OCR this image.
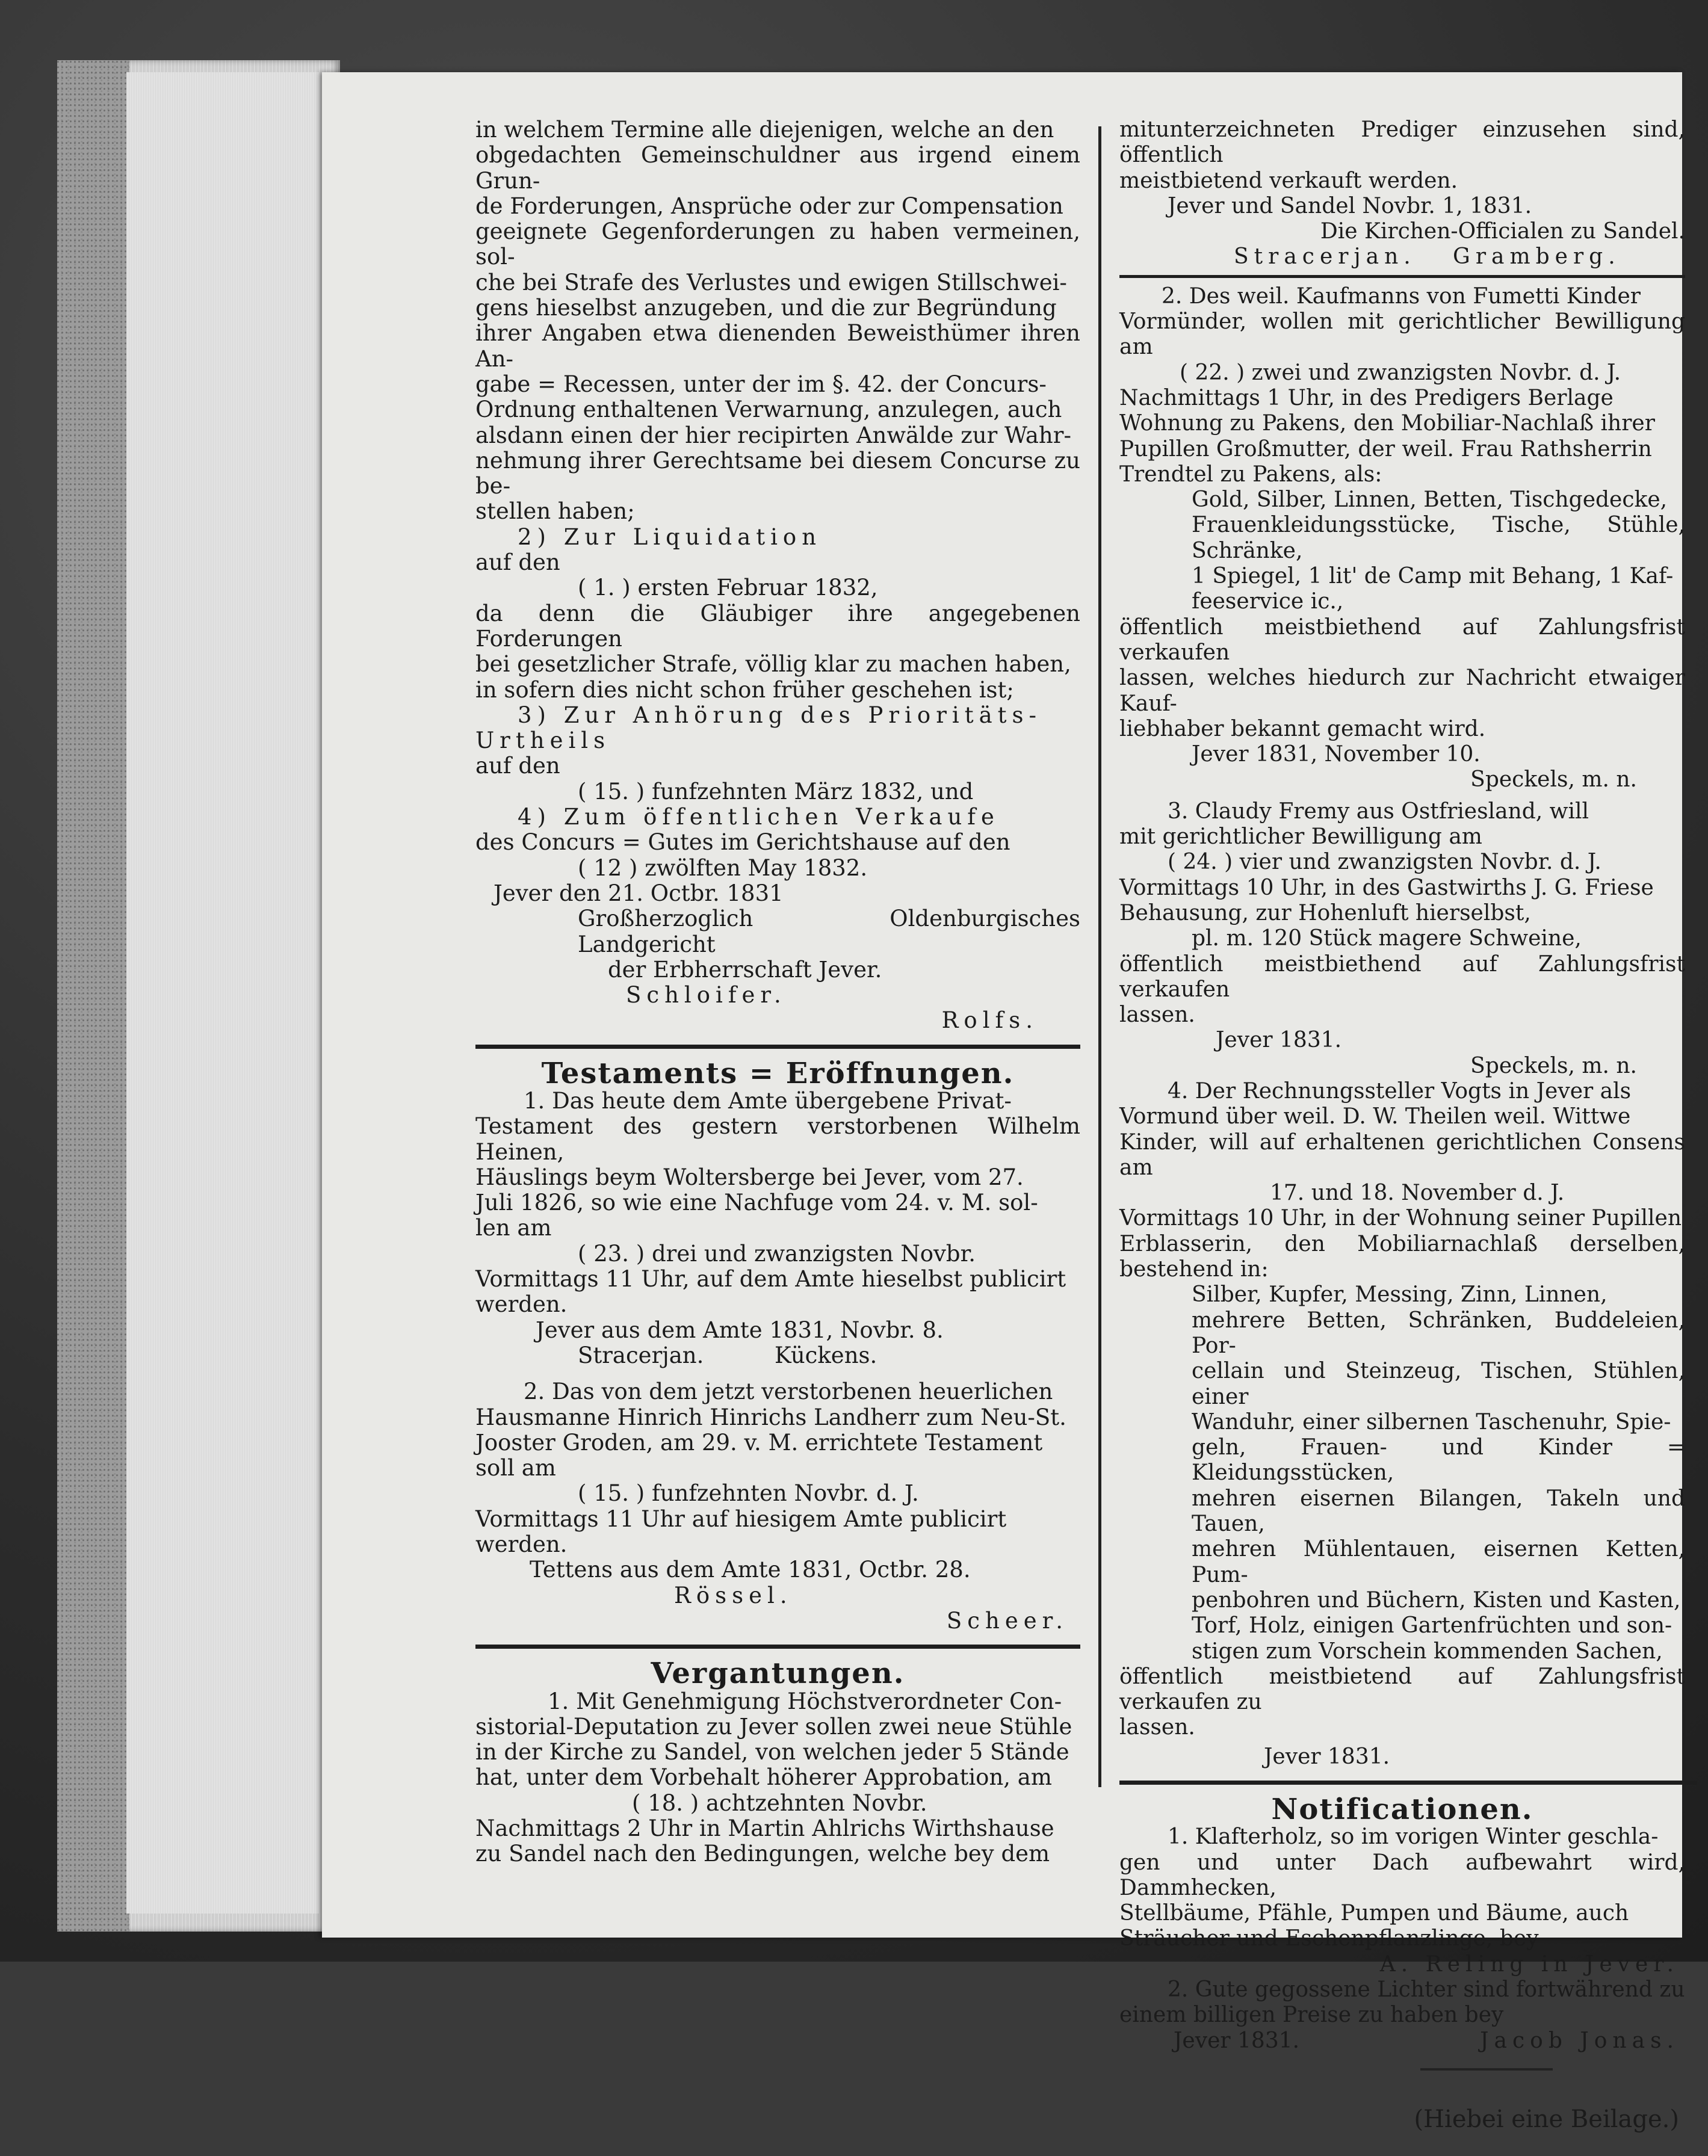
in welchem Termine alle diejenigen, welche an den

obgedachten Gemeinschuldner aus irgend einem Grun-

de Forderungen, Ansprüche oder zur Compensation

geeignete Gegenforderungen zu haben vermeinen, sol-

che bei Strafe des Verlustes und ewigen Stillschwei-

gens hieselbst anzugeben, und die zur Begründung

ihrer Angaben etwa dienenden Beweisthümer ihren An-

gabe = Recessen, unter der im §. 42. der Concurs-

Ordnung enthaltenen Verwarnung, anzulegen, auch

alsdann einen der hier recipirten Anwälde zur Wahr-

nehmung ihrer Gerechtsame bei diesem Concurse zu be-

stellen haben;

2) Zur Liquidation

auf den

( 1. ) ersten Februar 1832,

da denn die Gläubiger ihre angegebenen Forderungen

bei gesetzlicher Strafe, völlig klar zu machen haben,

in sofern dies nicht schon früher geschehen ist;

3) Zur Anhörung des Prioritäts-

Urtheils

auf den

( 15. ) funfzehnten März 1832, und

4) Zum öffentlichen Verkaufe

des Concurs = Gutes im Gerichtshause auf den

( 12 ) zwölften May 1832.

Jever den 21. Octbr. 1831

Großherzoglich Oldenburgisches Landgericht

der Erbherrschaft Jever.

Schloifer.

Rolfs.

Testaments = Eröffnungen.

1. Das heute dem Amte übergebene Privat-

Testament des gestern verstorbenen Wilhelm Heinen,

Häuslings beym Woltersberge bei Jever, vom 27.

Juli 1826, so wie eine Nachfuge vom 24. v. M. sol-

len am

( 23. ) drei und zwanzigsten Novbr.

Vormittags 11 Uhr, auf dem Amte hieselbst publicirt

werden.

Jever aus dem Amte 1831, Novbr. 8.

Stracerjan.          Kückens.

2. Das von dem jetzt verstorbenen heuerlichen

Hausmanne Hinrich Hinrichs Landherr zum Neu-St.

Jooster Groden, am 29. v. M. errichtete Testament

soll am

( 15. ) funfzehnten Novbr. d. J.

Vormittags 11 Uhr auf hiesigem Amte publicirt

werden.

Tettens aus dem Amte 1831, Octbr. 28.

Rössel.

Scheer.

Vergantungen.

1. Mit Genehmigung Höchstverordneter Con-

sistorial-Deputation zu Jever sollen zwei neue Stühle

in der Kirche zu Sandel, von welchen jeder 5 Stände

hat, unter dem Vorbehalt höherer Approbation, am

( 18. ) achtzehnten Novbr.

Nachmittags 2 Uhr in Martin Ahlrichs Wirthshause

zu Sandel nach den Bedingungen, welche bey dem

mitunterzeichneten Prediger einzusehen sind, öffentlich

meistbietend verkauft werden.

Jever und Sandel Novbr. 1, 1831.

Die Kirchen-Officialen zu Sandel.

Stracerjan.   Gramberg.

2. Des weil. Kaufmanns von Fumetti Kinder

Vormünder, wollen mit gerichtlicher Bewilligung am

( 22. ) zwei und zwanzigsten Novbr. d. J.

Nachmittags 1 Uhr, in des Predigers Berlage

Wohnung zu Pakens, den Mobiliar-Nachlaß ihrer

Pupillen Großmutter, der weil. Frau Rathsherrin

Trendtel zu Pakens, als:

Gold, Silber, Linnen, Betten, Tischgedecke,

Frauenkleidungsstücke, Tische, Stühle, Schränke,

1 Spiegel, 1 lit' de Camp mit Behang, 1 Kaf-

feeservice ic.,

öffentlich meistbiethend auf Zahlungsfrist verkaufen

lassen, welches hiedurch zur Nachricht etwaiger Kauf-

liebhaber bekannt gemacht wird.

Jever 1831, November 10.

Speckels, m. n.

3. Claudy Fremy aus Ostfriesland, will

mit gerichtlicher Bewilligung am

( 24. ) vier und zwanzigsten Novbr. d. J.

Vormittags 10 Uhr, in des Gastwirths J. G. Friese

Behausung, zur Hohenluft hierselbst,

pl. m. 120 Stück magere Schweine,

öffentlich meistbiethend auf Zahlungsfrist verkaufen

lassen.

Jever 1831.

Speckels, m. n.

4. Der Rechnungssteller Vogts in Jever als

Vormund über weil. D. W. Theilen weil. Wittwe

Kinder, will auf erhaltenen gerichtlichen Consens am

17. und 18. November d. J.

Vormittags 10 Uhr, in der Wohnung seiner Pupillen

Erblasserin, den Mobiliarnachlaß derselben, bestehend in:

Silber, Kupfer, Messing, Zinn, Linnen,

mehrere Betten, Schränken, Buddeleien, Por-

cellain und Steinzeug, Tischen, Stühlen, einer

Wanduhr, einer silbernen Taschenuhr, Spie-

geln, Frauen- und Kinder = Kleidungsstücken,

mehren eisernen Bilangen, Takeln und Tauen,

mehren Mühlentauen, eisernen Ketten, Pum-

penbohren und Büchern, Kisten und Kasten,

Torf, Holz, einigen Gartenfrüchten und son-

stigen zum Vorschein kommenden Sachen,

öffentlich meistbietend auf Zahlungsfrist verkaufen zu

lassen.

Jever 1831.

Notificationen.

1. Klafterholz, so im vorigen Winter geschla-

gen und unter Dach aufbewahrt wird, Dammhecken,

Stellbäume, Pfähle, Pumpen und Bäume, auch

Sträucher und Eschenpflanzlinge, bey

A. Reling in Jever.

2. Gute gegossene Lichter sind fortwährend zu

einem billigen Preise zu haben bey

Jever 1831.	Jacob Jonas.

(Hiebei eine Beilage.)
